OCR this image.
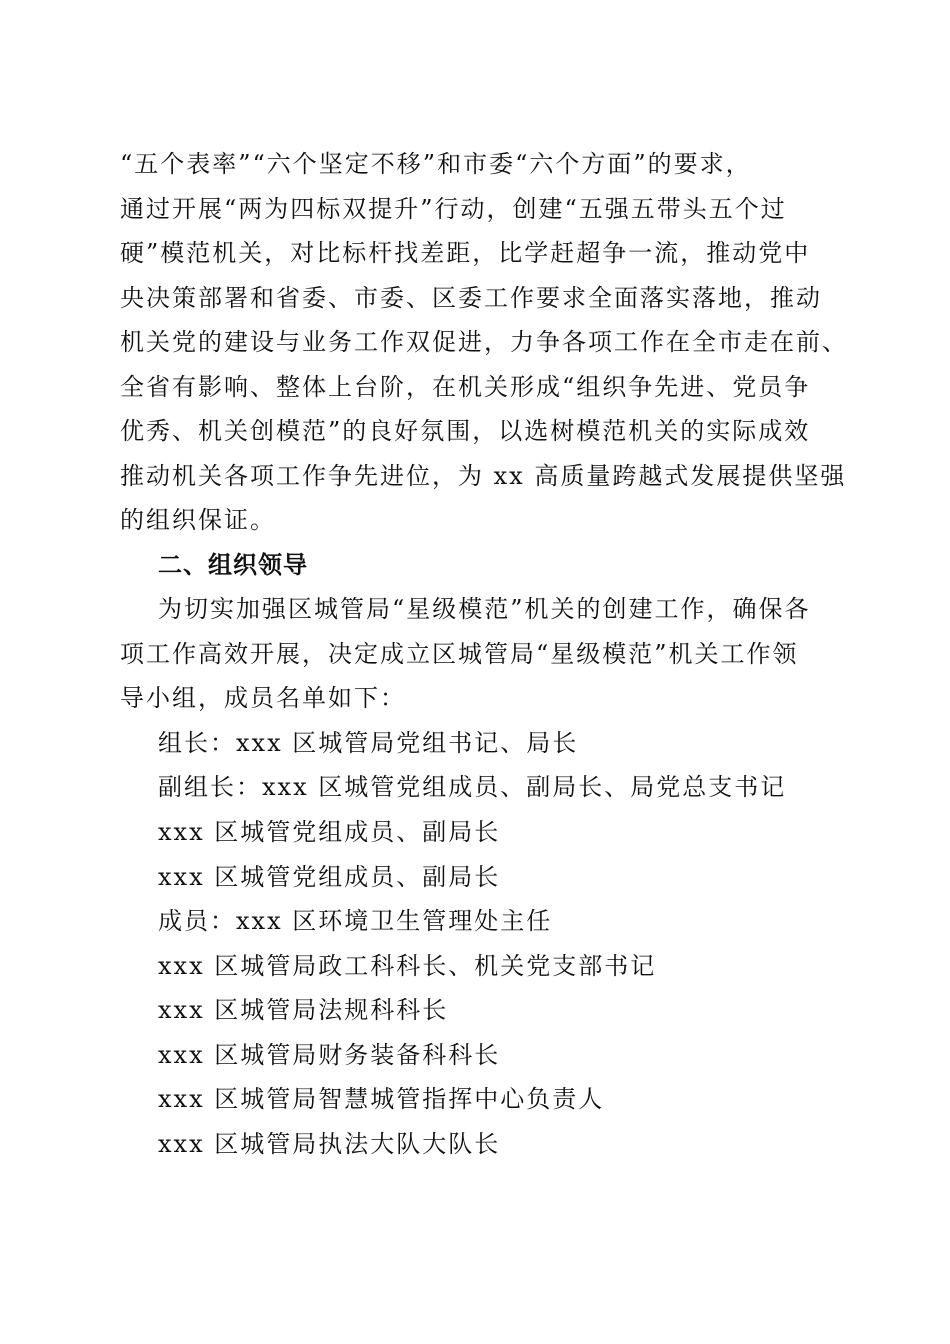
“五个表率”“六个坚定不移”和市委“六个方面”的要求，
通过开展“两为四标双提升”行动，创建“五强五带头五个过
硬”模范机关，对比标杆找差距，比学赶超争一流，推动党中
央决策部署和省委、市委、区委工作要求全面落实落地，推动
机关党的建设与业务工作双促进，力争各项工作在全市走在前、
全省有影响、整体上台阶，在机关形成“组织争先进、党员争
优秀、机关创模范”的良好氛围，以选树模范机关的实际成效
推动机关各项工作争先进位，为 xx 高质量跨越式发展提供坚强
的组织保证。
二、组织领导
为切实加强区城管局“星级模范”机关的创建工作，确保各
项工作高效开展，决定成立区城管局“星级模范”机关工作领
导小组，成员名单如下：
组长：xxx 区城管局党组书记、局长
副组长：xxx 区城管党组成员、副局长、局党总支书记
xxx 区城管党组成员、副局长
xxx 区城管党组成员、副局长
成员：xxx 区环境卫生管理处主任
xxx 区城管局政工科科长、机关党支部书记
xxx 区城管局法规科科长
xxx 区城管局财务装备科科长
xxx 区城管局智慧城管指挥中心负责人
xxx 区城管局执法大队大队长
